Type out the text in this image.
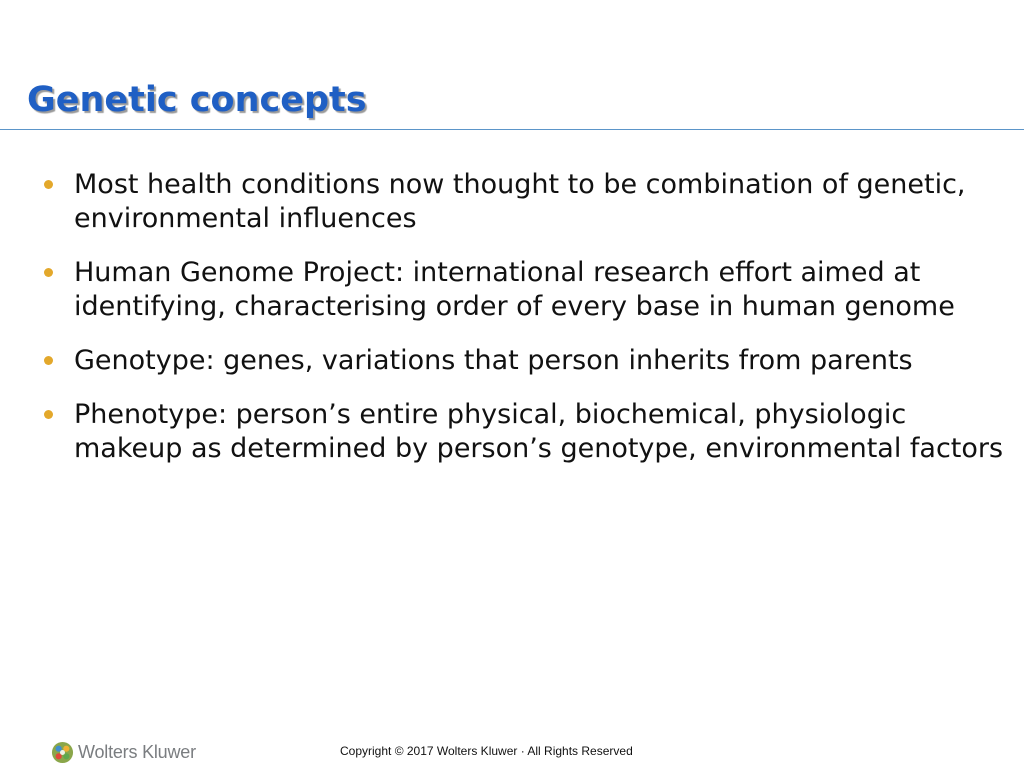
Genetic concepts
Most health conditions now thought to be combination of genetic, environmental influences
Human Genome Project: international research effort aimed at identifying, characterising order of every base in human genome
Genotype: genes, variations that person inherits from parents
Phenotype: person’s entire physical, biochemical, physiologic makeup as determined by person’s genotype, environmental factors
Wolters Kluwer	Copyright © 2017 Wolters Kluwer · All Rights Reserved
